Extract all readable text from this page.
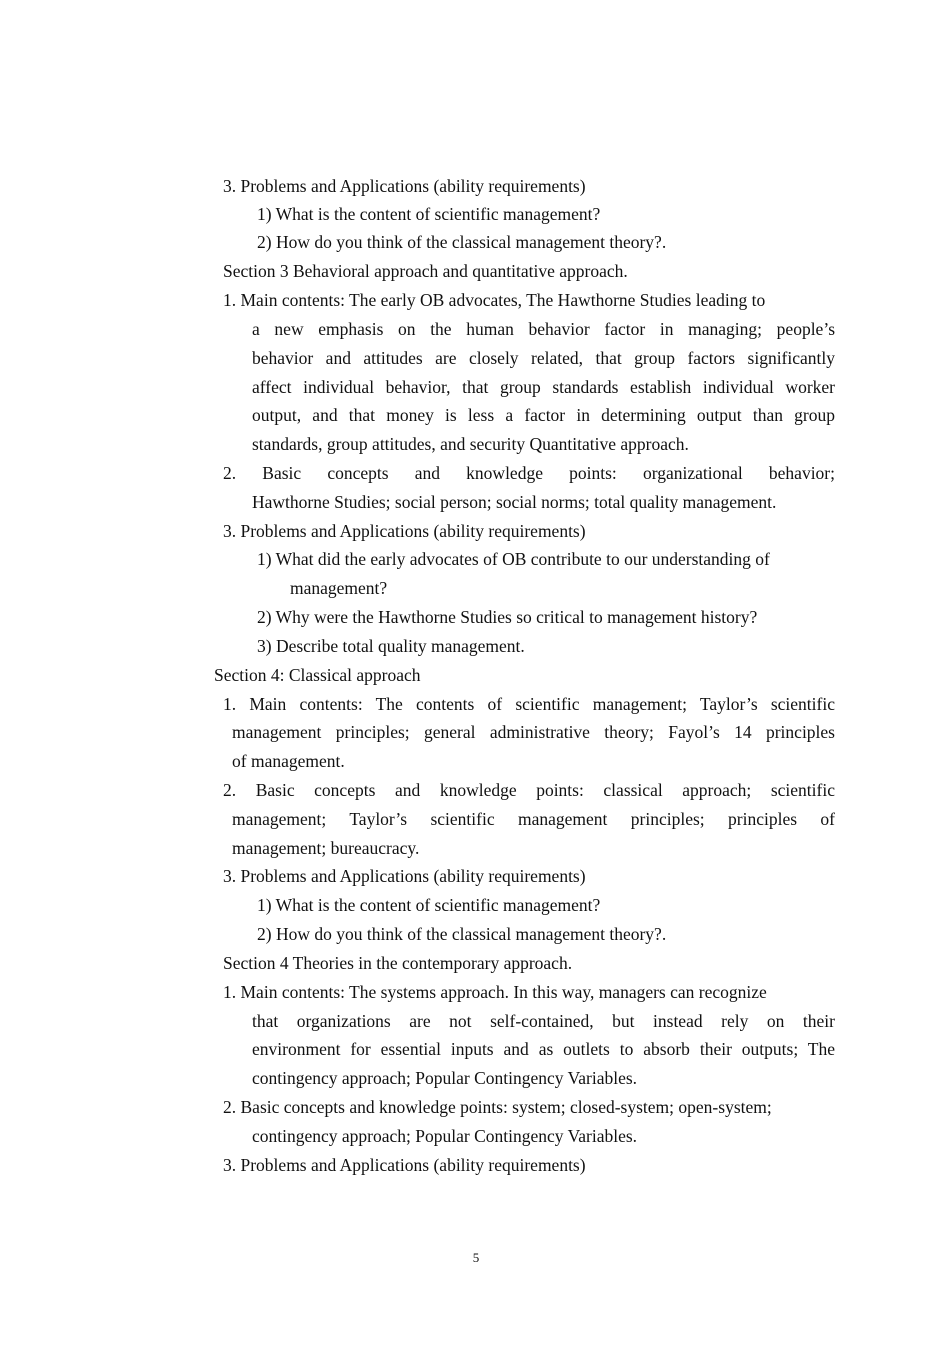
3. Problems and Applications (ability requirements)
1) What is the content of scientific management?
2) How do you think of the classical management theory?.
Section 3 Behavioral approach and quantitative approach.
1. Main contents: The early OB advocates, The Hawthorne Studies leading to
a new emphasis on the human behavior factor in managing; people’s
behavior and attitudes are closely related, that group factors significantly
affect individual behavior, that group standards establish individual worker
output, and that money is less a factor in determining output than group
standards, group attitudes, and security Quantitative approach.
2. Basic concepts and knowledge points: organizational behavior;
Hawthorne Studies; social person; social norms; total quality management.
3. Problems and Applications (ability requirements)
1) What did the early advocates of OB contribute to our understanding of
management?
2) Why were the Hawthorne Studies so critical to management history?
3) Describe total quality management.
Section 4: Classical approach
1. Main contents: The contents of scientific management; Taylor’s scientific
management principles; general administrative theory; Fayol’s 14 principles
of management.
2. Basic concepts and knowledge points: classical approach; scientific
management; Taylor’s scientific management principles; principles of
management; bureaucracy.
3. Problems and Applications (ability requirements)
1) What is the content of scientific management?
2) How do you think of the classical management theory?.
Section 4 Theories in the contemporary approach.
1. Main contents: The systems approach. In this way, managers can recognize
that organizations are not self-contained, but instead rely on their
environment for essential inputs and as outlets to absorb their outputs; The
contingency approach; Popular Contingency Variables.
2. Basic concepts and knowledge points: system; closed-system; open-system;
contingency approach; Popular Contingency Variables.
3. Problems and Applications (ability requirements)
5
